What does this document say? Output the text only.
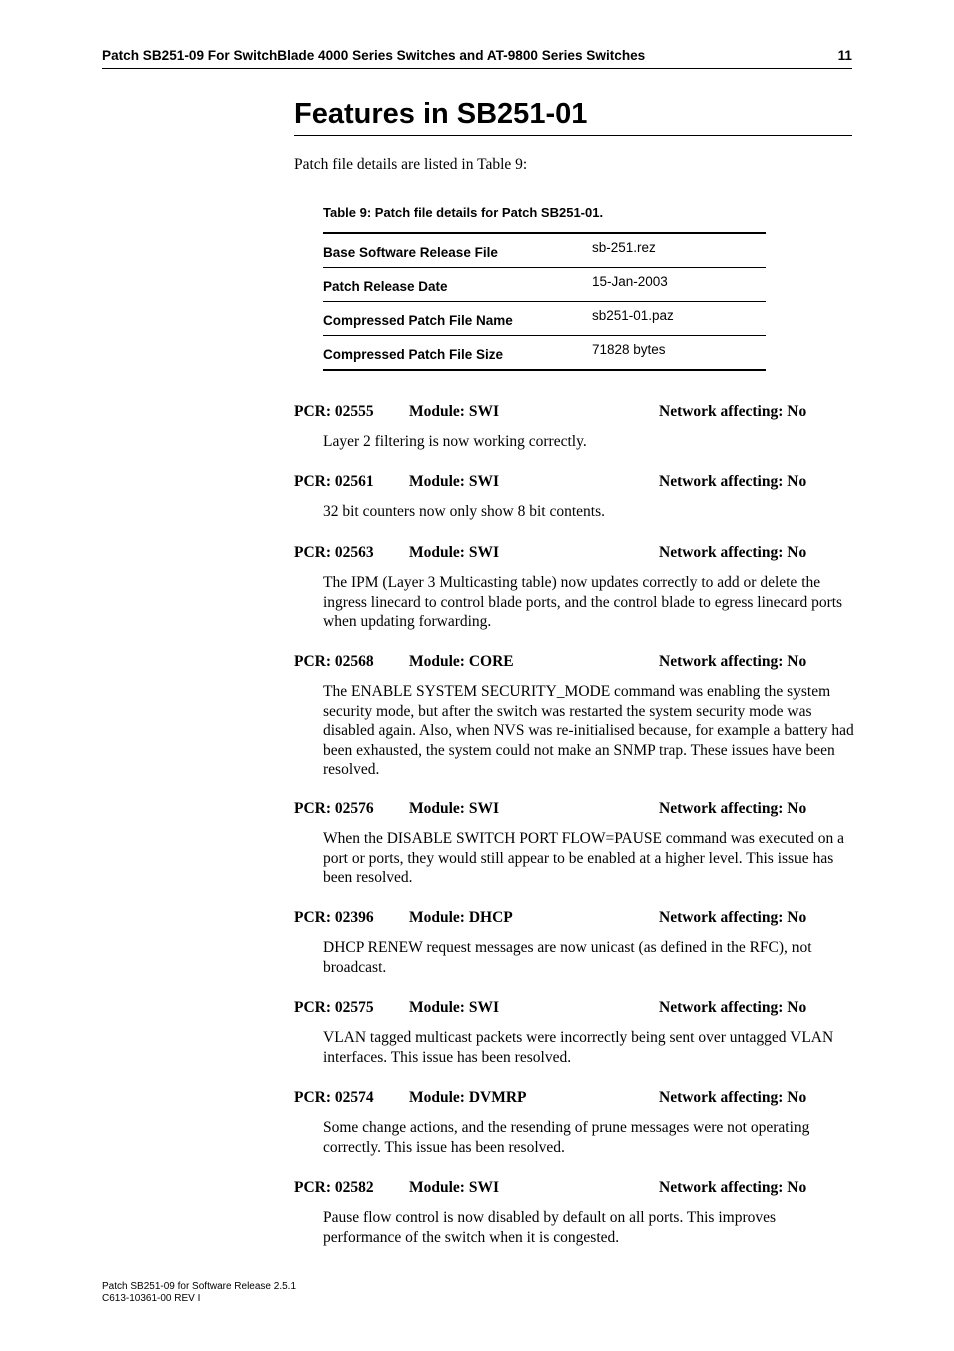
Patch SB251-09 For SwitchBlade 4000 Series Switches and AT-9800 Series Switches	11
Features in SB251-01
Patch file details are listed in Table 9:
Table 9: Patch file details for Patch SB251-01.
Base Software Release File	sb-251.rez
Patch Release Date	15-Jan-2003
Compressed Patch File Name	sb251-01.paz
Compressed Patch File Size	71828 bytes
PCR: 02555 Module: SWI	Network affecting: No
Layer 2 filtering is now working correctly.
PCR: 02561 Module: SWI	Network affecting: No
32 bit counters now only show 8 bit contents.
PCR: 02563 Module: SWI	Network affecting: No
The IPM (Layer 3 Multicasting table) now updates correctly to add or delete the ingress linecard to control blade ports, and the control blade to egress linecard ports when updating forwarding.
PCR: 02568 Module: CORE	Network affecting: No
The ENABLE SYSTEM SECURITY_MODE command was enabling the system security mode, but after the switch was restarted the system security mode was disabled again. Also, when NVS was re-initialised because, for example a battery had been exhausted, the system could not make an SNMP trap. These issues have been resolved.
PCR: 02576 Module: SWI	Network affecting: No
When the DISABLE SWITCH PORT FLOW=PAUSE command was executed on a port or ports, they would still appear to be enabled at a higher level. This issue has been resolved.
PCR: 02396 Module: DHCP	Network affecting: No
DHCP RENEW request messages are now unicast (as defined in the RFC), not broadcast.
PCR: 02575 Module: SWI	Network affecting: No
VLAN tagged multicast packets were incorrectly being sent over untagged VLAN interfaces. This issue has been resolved.
PCR: 02574 Module: DVMRP	Network affecting: No
Some change actions, and the resending of prune messages were not operating correctly. This issue has been resolved.
PCR: 02582 Module: SWI	Network affecting: No
Pause flow control is now disabled by default on all ports. This improves performance of the switch when it is congested.
Patch SB251-09 for Software Release 2.5.1
C613-10361-00 REV I
